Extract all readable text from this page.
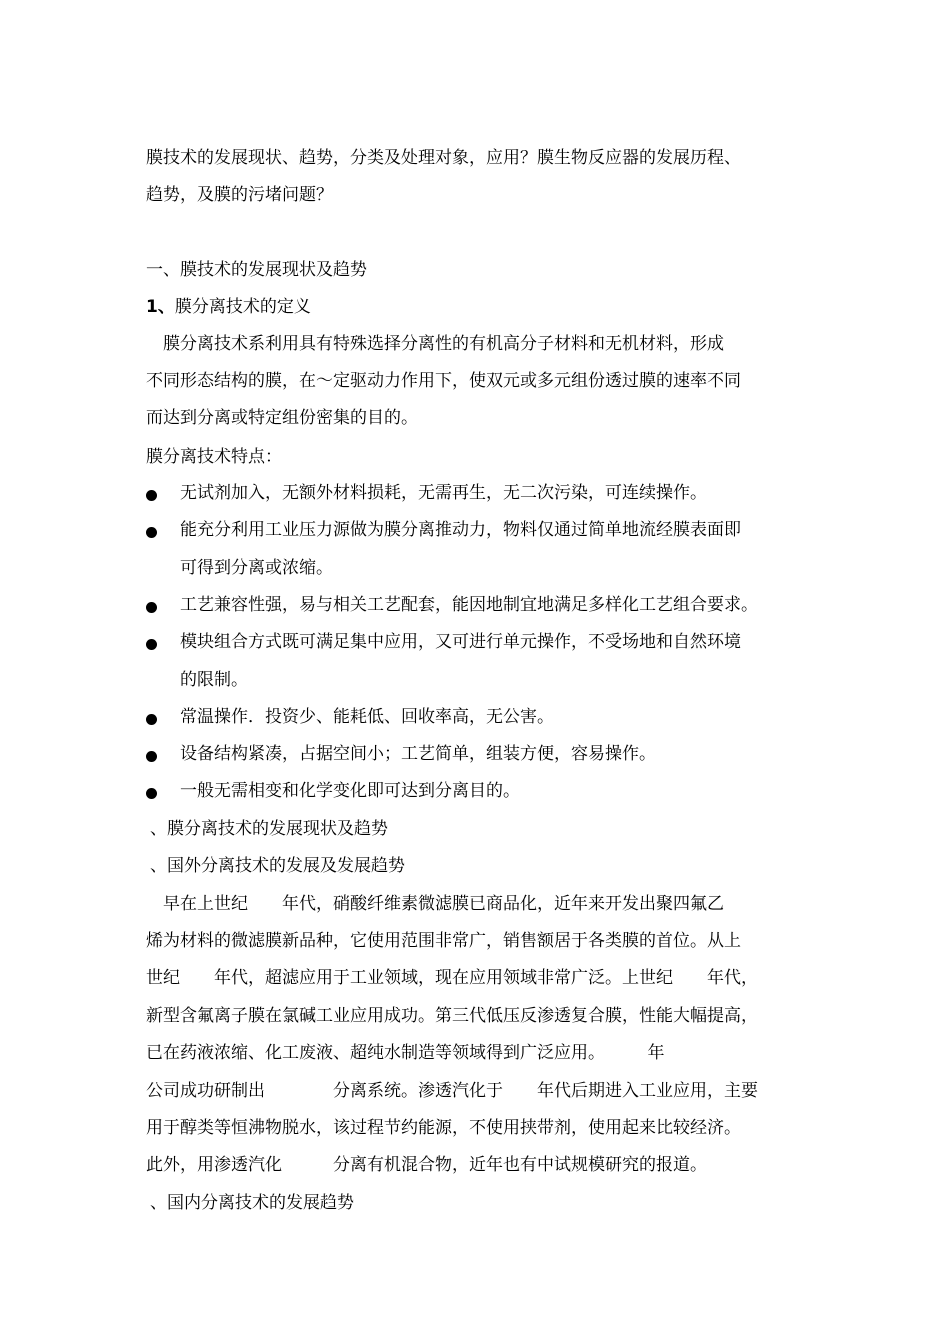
膜技术的发展现状、趋势，分类及处理对象，应用？膜生物反应器的发展历程、
趋势，及膜的污堵问题？
一、膜技术的发展现状及趋势
1、膜分离技术的定义
　膜分离技术系利用具有特殊选择分离性的有机高分子材料和无机材料，形成
不同形态结构的膜，在～定驱动力作用下，使双元或多元组份透过膜的速率不同
而达到分离或特定组份密集的目的。
膜分离技术特点：
无试剂加入，无额外材料损耗，无需再生，无二次污染，可连续操作。
能充分利用工业压力源做为膜分离推动力，物料仅通过简单地流经膜表面即
可得到分离或浓缩。
工艺兼容性强，易与相关工艺配套，能因地制宜地满足多样化工艺组合要求。
模块组合方式既可满足集中应用，又可进行单元操作，不受场地和自然环境
的限制。
常温操作．投资少、能耗低、回收率高，无公害。
设备结构紧凑，占据空间小；工艺简单，组装方便，容易操作。
一般无需相变和化学变化即可达到分离目的。
、膜分离技术的发展现状及趋势
、国外分离技术的发展及发展趋势
　早在上世纪　　年代，硝酸纤维素微滤膜已商品化，近年来开发出聚四氟乙
烯为材料的微滤膜新品种，它使用范围非常广，销售额居于各类膜的首位。从上
世纪　　年代，超滤应用于工业领域，现在应用领域非常广泛。上世纪　　年代，
新型含氟离子膜在氯碱工业应用成功。第三代低压反渗透复合膜，性能大幅提高，
已在药液浓缩、化工废液、超纯水制造等领域得到广泛应用。　　　年
公司成功研制出　　　　分离系统。渗透汽化于　　年代后期进入工业应用，主要
用于醇类等恒沸物脱水，该过程节约能源，不使用挟带剂，使用起来比较经济。
此外，用渗透汽化　　　分离有机混合物，近年也有中试规模研究的报道。
、国内分离技术的发展趋势
